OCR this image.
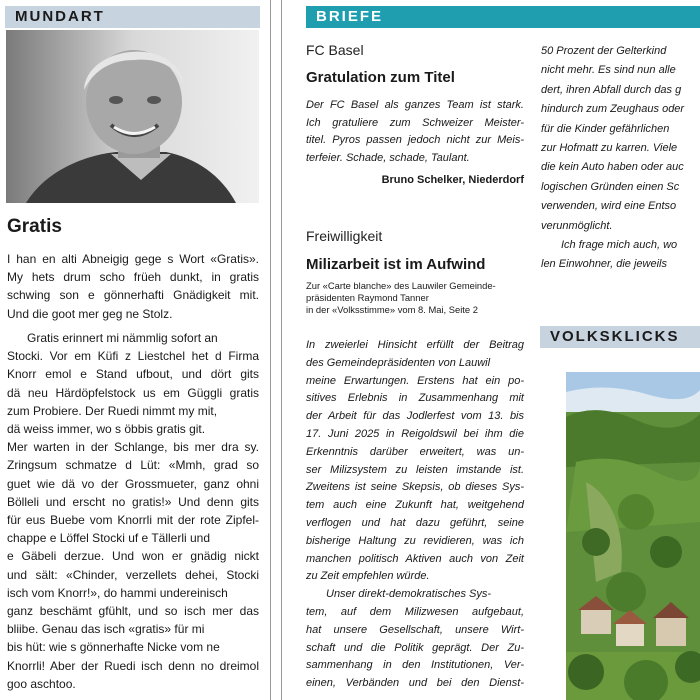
MUNDART	BRIEFE
VOLKSKLICKS
Gratis
I han en alti Abneigig gege s Wort «Gratis».
My hets drum scho früeh dunkt, in gratis
schwing son e gönnerhafti Gnädigkeit mit.
Und die goot mer geg ne Stolz.
Gratis erinnert mi nämmlig sofort an
Stocki. Vor em Küfi z Liestchel het d Firma
Knorr emol e Stand ufbout, und dört gits
dä neu Härdöpfelstock us em Güggli gratis
zum Probiere. Der Ruedi nimmt my mit,
dä weiss immer, wo s öbbis gratis git.
Mer warten in der Schlange, bis mer dra sy.
Zringsum schmatze d Lüt: «Mmh, grad so
guet wie dä vo der Grossmueter, ganz ohni
Bölleli und erscht no gratis!» Und denn gits
für eus Buebe vom Knorrli mit der rote Zipfel-
chappe e Löffel Stocki uf e Tällerli und
e Gäbeli derzue. Und won er gnädig nickt
und sält: «Chinder, verzellets dehei, Stocki
isch vom Knorr!», do hammi undereinisch
ganz beschämt gfühlt, und so isch mer das
bliibe. Genau das isch «gratis» für mi
bis hüt: wie s gönnerhafte Nicke vom ne
Knorrli! Aber der Ruedi isch denn no dreimol
goo aschtoo.
FC Basel
Gratulation zum Titel
Der FC Basel als ganzes Team ist stark.
Ich gratuliere zum Schweizer Meister-
titel. Pyros passen jedoch nicht zur Meis-
terfeier. Schade, schade, Taulant.
Bruno Schelker, Niederdorf
Freiwilligkeit
Milizarbeit ist im Aufwind
Zur «Carte blanche» des Lauwiler Gemeinde-
präsidenten Raymond Tanner
in der «Volksstimme» vom 8. Mai, Seite 2
In zweierlei Hinsicht erfüllt der Beitrag
des Gemeindepräsidenten von Lauwil
meine Erwartungen. Erstens hat ein po-
sitives Erlebnis in Zusammenhang mit
der Arbeit für das Jodlerfest vom 13. bis
17. Juni 2025 in Reigoldswil bei ihm die
Erkenntnis darüber erweitert, was un-
ser Milizsystem zu leisten imstande ist.
Zweitens ist seine Skepsis, ob dieses Sys-
tem auch eine Zukunft hat, weitgehend
verflogen und hat dazu geführt, seine
bisherige Haltung zu revidieren, was ich
manchen politisch Aktiven auch von Zeit
zu Zeit empfehlen würde.
Unser direkt-demokratisches Sys-
tem, auf dem Milizwesen aufgebaut,
hat unsere Gesellschaft, unsere Wirt-
schaft und die Politik geprägt. Der Zu-
sammenhang in den Institutionen, Ver-
einen, Verbänden und bei den Dienst-
50 Prozent der Gelterkind
nicht mehr. Es sind nun alle
dert, ihren Abfall durch das g
hindurch zum Zeughaus oder
für die Kinder gefährlichen
zur Hofmatt zu karren. Viele
die kein Auto haben oder auc
logischen Gründen einen Sc
verwenden, wird eine Entso
verunmöglicht.
Ich frage mich auch, wo
len Einwohner, die jeweils
